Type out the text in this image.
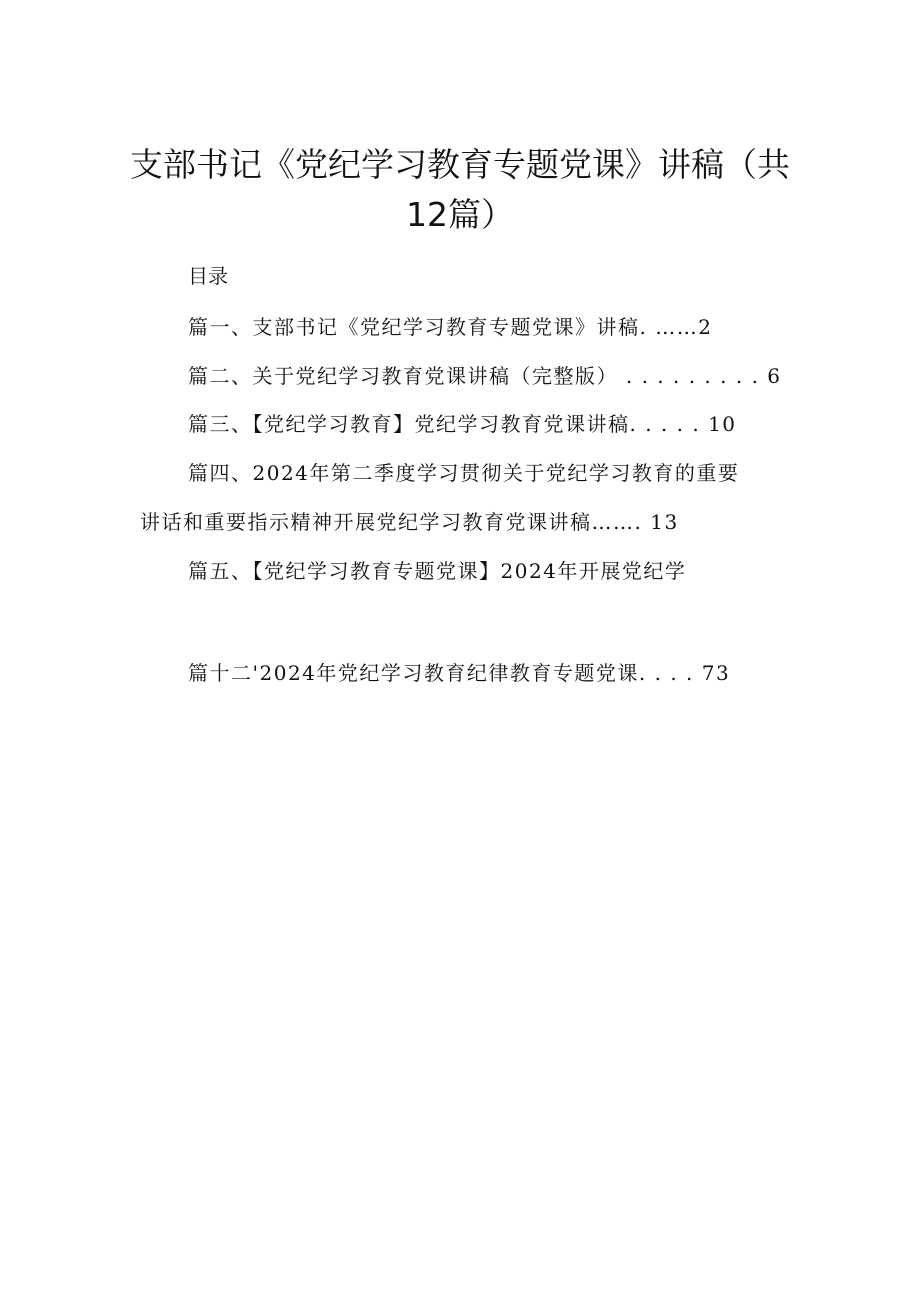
支部书记《党纪学习教育专题党课》讲稿（共
12篇）
目录
篇一、支部书记《党纪学习教育专题党课》讲稿. ……2
篇二、关于党纪学习教育党课讲稿（完整版） . . . . . . . . . 6
篇三、【党纪学习教育】党纪学习教育党课讲稿. . . . . 10
篇四、2024年第二季度学习贯彻关于党纪学习教育的重要
讲话和重要指示精神开展党纪学习教育党课讲稿……. 13
篇五、【党纪学习教育专题党课】2024年开展党纪学
篇十二'2024年党纪学习教育纪律教育专题党课. . . . 73
